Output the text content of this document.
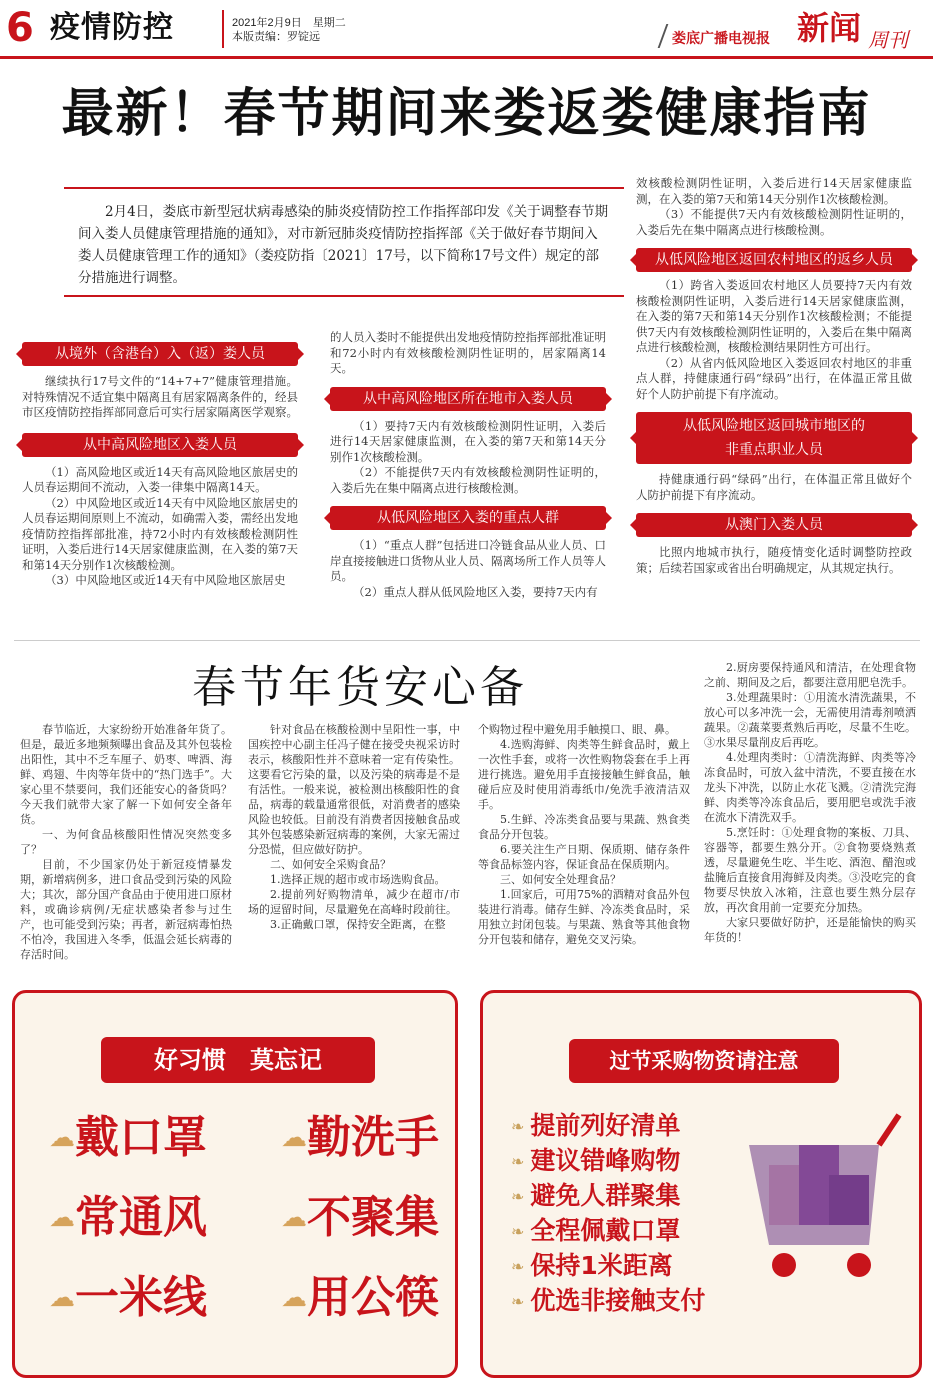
6 疫情防控	2021年2月9日　星期二
本版责编：罗锭远	娄底广播电视报 新闻 周刊
最新！春节期间来娄返娄健康指南
2月4日，娄底市新型冠状病毒感染的肺炎疫情防控工作指挥部印发《关于调整春节期间入娄人员健康管理措施的通知》，对市新冠肺炎疫情防控指挥部《关于做好春节期间入娄人员健康管理工作的通知》（娄疫防指〔2021〕17号，以下简称17号文件）规定的部分措施进行调整。
从境外（含港台）入（返）娄人员

继续执行17号文件的“14+7+7”健康管理措施。对特殊情况不适宜集中隔离且有居家隔离条件的，经县市区疫情防控指挥部同意后可实行居家隔离医学观察。

从中高风险地区入娄人员

（1）高风险地区或近14天有高风险地区旅居史的人员春运期间不流动，入娄一律集中隔离14天。

（2）中风险地区或近14天有中风险地区旅居史的人员春运期间原则上不流动，如确需入娄，需经出发地疫情防控指挥部批准，持72小时内有效核酸检测阴性证明，入娄后进行14天居家健康监测，在入娄的第7天和第14天分别作1次核酸检测。

（3）中风险地区或近14天有中风险地区旅居史

的人员入娄时不能提供出发地疫情防控指挥部批准证明和72小时内有效核酸检测阴性证明的，居家隔离14天。
从中高风险地区所在地市入娄人员

（1）要持7天内有效核酸检测阴性证明，入娄后进行14天居家健康监测，在入娄的第7天和第14天分别作1次核酸检测。

（2）不能提供7天内有效核酸检测阴性证明的，入娄后先在集中隔离点进行核酸检测。

从低风险地区入娄的重点人群

（1）“重点人群”包括进口冷链食品从业人员、口岸直接接触进口货物从业人员、隔离场所工作人员等人员。

（2）重点人群从低风险地区入娄，要持7天内有

效核酸检测阴性证明，入娄后进行14天居家健康监测，在入娄的第7天和第14天分别作1次核酸检测。

（3）不能提供7天内有效核酸检测阴性证明的，入娄后先在集中隔离点进行核酸检测。

从低风险地区返回农村地区的返乡人员

（1）跨省入娄返回农村地区人员要持7天内有效核酸检测阴性证明，入娄后进行14天居家健康监测，在入娄的第7天和第14天分别作1次核酸检测；不能提供7天内有效核酸检测阴性证明的，入娄后在集中隔离点进行核酸检测，核酸检测结果阴性方可出行。

（2）从省内低风险地区入娄返回农村地区的非重点人群，持健康通行码“绿码”出行，在体温正常且做好个人防护前提下有序流动。

从低风险地区返回城市地区的
非重点职业人员

持健康通行码“绿码”出行，在体温正常且做好个人防护前提下有序流动。

从澳门入娄人员

比照内地城市执行，随疫情变化适时调整防控政策；后续若国家或省出台明确规定，从其规定执行。

春节年货安心备

春节临近，大家纷纷开始准备年货了。但是，最近多地频频曝出食品及其外包装检出阳性，其中不乏车厘子、奶枣、啤酒、海鲜、鸡翅、牛肉等年货中的“热门选手”。大家心里不禁要问，我们还能安心的备货吗？今天我们就带大家了解一下如何安全备年货。

一、为何食品核酸阳性情况突然变多了？

目前，不少国家仍处于新冠疫情暴发期，新增病例多，进口食品受到污染的风险大；其次，部分国产食品由于使用进口原材料，或确诊病例/无症状感染者参与过生产，也可能受到污染；再者，新冠病毒怕热不怕冷，我国进入冬季，低温会延长病毒的存活时间。

针对食品在核酸检测中呈阳性一事，中国疾控中心副主任冯子健在接受央视采访时表示，核酸阳性并不意味着一定有传染性。这要看它污染的量，以及污染的病毒是不是有活性。一般来说，被检测出核酸阳性的食品，病毒的载量通常很低，对消费者的感染风险也较低。目前没有消费者因接触食品或其外包装感染新冠病毒的案例，大家无需过分恐慌，但应做好防护。

二、如何安全采购食品？

1.选择正规的超市或市场选购食品。

2.提前列好购物清单，减少在超市/市场的逗留时间，尽量避免在高峰时段前往。

3.正确戴口罩，保持安全距离，在整

个购物过程中避免用手触摸口、眼、鼻。

4.选购海鲜、肉类等生鲜食品时，戴上一次性手套，或将一次性购物袋套在手上再进行挑选。避免用手直接接触生鲜食品，触碰后应及时使用消毒纸巾/免洗手液清洁双手。

5.生鲜、冷冻类食品要与果蔬、熟食类食品分开包装。

6.要关注生产日期、保质期、储存条件等食品标签内容，保证食品在保质期内。

三、如何安全处理食品？

1.回家后，可用75%的酒精对食品外包装进行消毒。储存生鲜、冷冻类食品时，采用独立封闭包装。与果蔬、熟食等其他食物分开包装和储存，避免交叉污染。

2.厨房要保持通风和清洁，在处理食物之前、期间及之后，都要注意用肥皂洗手。

3.处理蔬果时：①用流水清洗蔬果，不放心可以多冲洗一会，无需使用清毒剂喷洒蔬果。②蔬菜要煮熟后再吃，尽量不生吃。③水果尽量削皮后再吃。

4.处理肉类时：①清洗海鲜、肉类等冷冻食品时，可放入盆中清洗，不要直接在水龙头下冲洗，以防止水花飞溅。②清洗完海鲜、肉类等冷冻食品后，要用肥皂或洗手液在流水下清洗双手。

5.烹饪时：①处理食物的案板、刀具、容器等，都要生熟分开。②食物要烧熟煮透，尽量避免生吃、半生吃、酒泡、醋泡或盐腌后直接食用海鲜及肉类。③没吃完的食物要尽快放入冰箱，注意也要生熟分层存放，再次食用前一定要充分加热。

大家只要做好防护，还是能愉快的购买年货的！

好习惯　莫忘记
☁ 戴口罩	☁ 勤洗手
☁ 常通风	☁ 不聚集
☁ 一米线	☁ 用公筷
过节采购物资请注意
❧ 提前列好清单
❧ 建议错峰购物
❧ 避免人群聚集
❧ 全程佩戴口罩
❧ 保持1米距离
❧ 优选非接触支付
